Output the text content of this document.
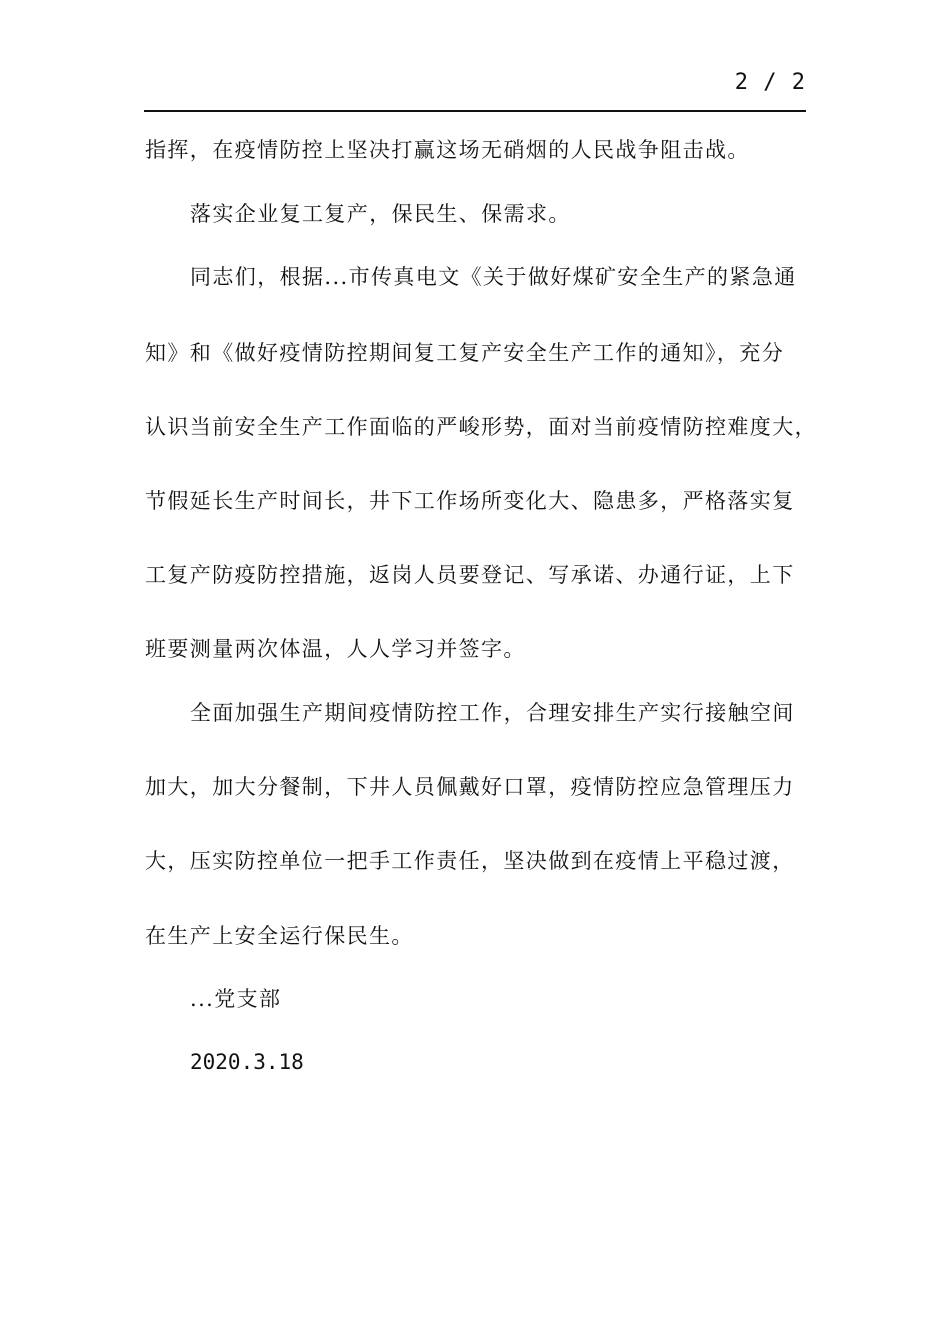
2 / 2
指挥，在疫情防控上坚决打赢这场无硝烟的人民战争阻击战。
落实企业复工复产，保民生、保需求。
同志们，根据...市传真电文《关于做好煤矿安全生产的紧急通
知》和《做好疫情防控期间复工复产安全生产工作的通知》，充分
认识当前安全生产工作面临的严峻形势，面对当前疫情防控难度大，
节假延长生产时间长，井下工作场所变化大、隐患多，严格落实复
工复产防疫防控措施，返岗人员要登记、写承诺、办通行证，上下
班要测量两次体温，人人学习并签字。
全面加强生产期间疫情防控工作，合理安排生产实行接触空间
加大，加大分餐制，下井人员佩戴好口罩，疫情防控应急管理压力
大，压实防控单位一把手工作责任，坚决做到在疫情上平稳过渡，
在生产上安全运行保民生。
...党支部
2020.3.18
